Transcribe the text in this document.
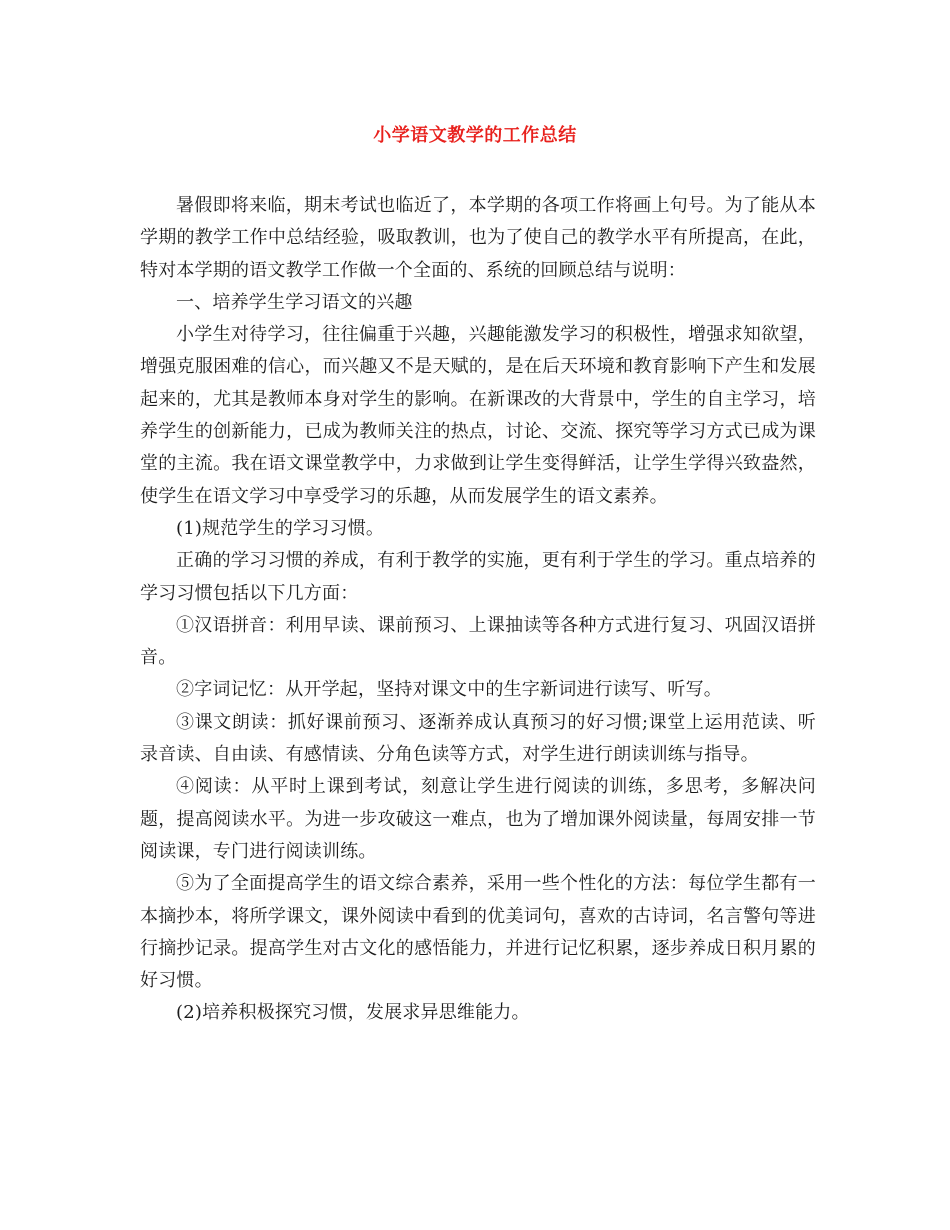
小学语文教学的工作总结

暑假即将来临，期末考试也临近了，本学期的各项工作将画上句号。为了能从本学期的教学工作中总结经验，吸取教训，也为了使自己的教学水平有所提高，在此，特对本学期的语文教学工作做一个全面的、系统的回顾总结与说明：

一、培养学生学习语文的兴趣

小学生对待学习，往往偏重于兴趣，兴趣能激发学习的积极性，增强求知欲望，增强克服困难的信心，而兴趣又不是天赋的，是在后天环境和教育影响下产生和发展起来的，尤其是教师本身对学生的影响。在新课改的大背景中，学生的自主学习，培养学生的创新能力，已成为教师关注的热点，讨论、交流、探究等学习方式已成为课堂的主流。我在语文课堂教学中，力求做到让学生变得鲜活，让学生学得兴致盎然，使学生在语文学习中享受学习的乐趣，从而发展学生的语文素养。

(1)规范学生的学习习惯。

正确的学习习惯的养成，有利于教学的实施，更有利于学生的学习。重点培养的学习习惯包括以下几方面：

①汉语拼音：利用早读、课前预习、上课抽读等各种方式进行复习、巩固汉语拼音。

②字词记忆：从开学起，坚持对课文中的生字新词进行读写、听写。

③课文朗读：抓好课前预习、逐渐养成认真预习的好习惯;课堂上运用范读、听录音读、自由读、有感情读、分角色读等方式，对学生进行朗读训练与指导。

④阅读：从平时上课到考试，刻意让学生进行阅读的训练，多思考，多解决问题，提高阅读水平。为进一步攻破这一难点，也为了增加课外阅读量，每周安排一节阅读课，专门进行阅读训练。

⑤为了全面提高学生的语文综合素养，采用一些个性化的方法：每位学生都有一本摘抄本，将所学课文，课外阅读中看到的优美词句，喜欢的古诗词，名言警句等进行摘抄记录。提高学生对古文化的感悟能力，并进行记忆积累，逐步养成日积月累的好习惯。

(2)培养积极探究习惯，发展求异思维能力。
